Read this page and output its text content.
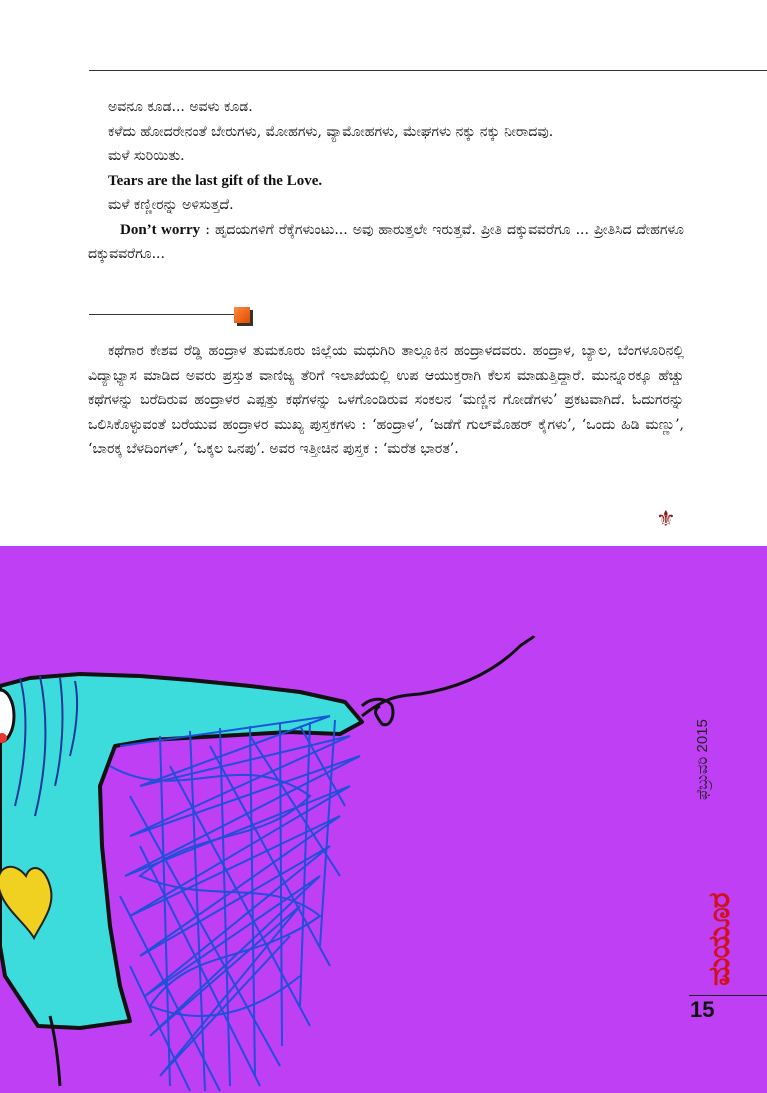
ಅವನೂ ಕೂಡ... ಅವಳು ಕೂಡ.

ಕಳೆದು ಹೋದರೇನಂತೆ ಬೇರುಗಳು, ಮೋಹಗಳು, ವ್ಯಾಮೋಹಗಳು, ಮೇಘಗಳು ನಕ್ಕು ನಕ್ಕು ನೀರಾದವು.

ಮಳೆ ಸುರಿಯಿತು.

Tears are the last gift of the Love.

ಮಳೆ ಕಣ್ಣೀರನ್ನು ಅಳಿಸುತ್ತದೆ.

Don’t worry : ಹೃದಯಗಳಿಗೆ ರೆಕ್ಕೆಗಳುಂಟು... ಅವು ಹಾರುತ್ತಲೇ ಇರುತ್ತವೆ. ಪ್ರೀತಿ ದಕ್ಕುವವರೆಗೂ ... ಪ್ರೀತಿಸಿದ ದೇಹಗಳೂ ದಕ್ಕುವವರೆಗೂ...

ಕಥೆಗಾರ ಕೇಶವ ರೆಡ್ಡಿ ಹಂದ್ರಾಳ ತುಮಕೂರು ಜಿಲ್ಲೆಯ ಮಧುಗಿರಿ ತಾಲ್ಲೂಕಿನ ಹಂದ್ರಾಳದವರು. ಹಂದ್ರಾಳ, ಬ್ಯಾಲ, ಬೆಂಗಳೂರಿನಲ್ಲಿ ವಿದ್ಯಾಭ್ಯಾಸ ಮಾಡಿದ ಅವರು ಪ್ರಸ್ತುತ ವಾಣಿಜ್ಯ ತೆರಿಗೆ ಇಲಾಖೆಯಲ್ಲಿ ಉಪ ಆಯುಕ್ತರಾಗಿ ಕೆಲಸ ಮಾಡುತ್ತಿದ್ದಾರೆ. ಮುನ್ನೂರಕ್ಕೂ ಹೆಚ್ಚು ಕಥೆಗಳನ್ನು ಬರೆದಿರುವ ಹಂದ್ರಾಳರ ಎಪ್ಪತ್ತು ಕಥೆಗಳನ್ನು ಒಳಗೊಂಡಿರುವ ಸಂಕಲನ ‘ಮಣ್ಣಿನ ಗೋಡೆಗಳು’ ಪ್ರಕಟವಾಗಿದೆ. ಓದುಗರನ್ನು ಒಲಿಸಿಕೊಳ್ಳುವಂತೆ ಬರೆಯುವ ಹಂದ್ರಾಳರ ಮುಖ್ಯ ಪುಸ್ತಕಗಳು : ‘ಹಂದ್ರಾಳ’, ‘ಜಡೆಗೆ ಗುಲ್‌ಮೊಹರ್ ಕೈಗಳು’, ‘ಒಂದು ಹಿಡಿ ಮಣ್ಣು’, ‘ಬಾರಕ್ಕ ಬೆಳದಿಂಗಳ್’, ‘ಒಕ್ಕಲ ಒನಪು’. ಅವರ ಇತ್ತೀಚಿನ ಪುಸ್ತಕ : ‘ಮರೆತ ಭಾರತ’.

⚜
ಫೆಬ್ರುವರಿ 2015
ಮಯೂರ
15
